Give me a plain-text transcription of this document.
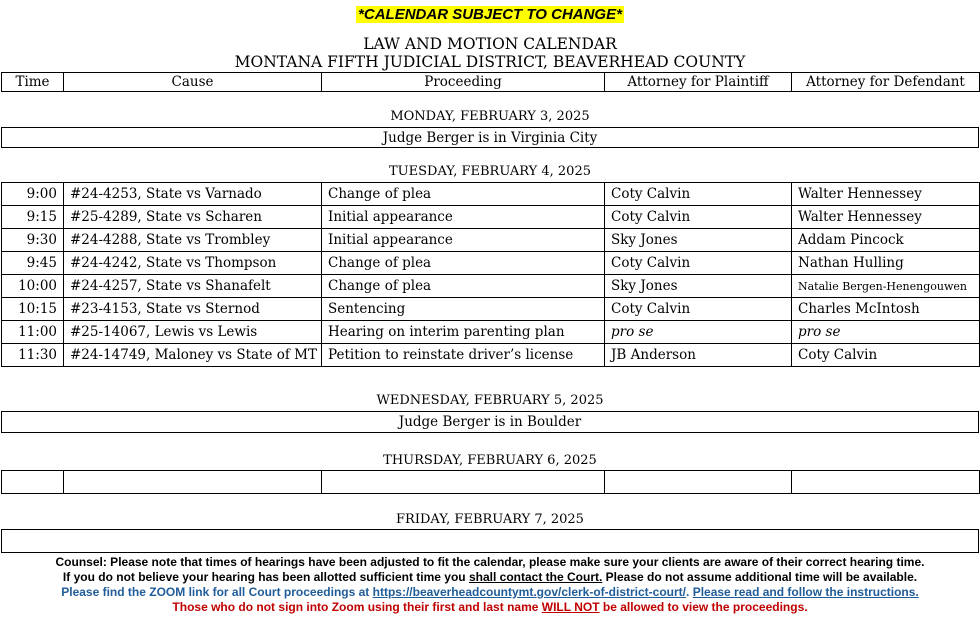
*CALENDAR SUBJECT TO CHANGE*
LAW AND MOTION CALENDAR
MONTANA FIFTH JUDICIAL DISTRICT, BEAVERHEAD COUNTY
Time	Cause	Proceeding	Attorney for Plaintiff	Attorney for Defendant
MONDAY, FEBRUARY 3, 2025
Judge Berger is in Virginia City
TUESDAY, FEBRUARY 4, 2025
9:00	#24-4253, State vs Varnado	Change of plea	Coty Calvin	Walter Hennessey
9:15	#25-4289, State vs Scharen	Initial appearance	Coty Calvin	Walter Hennessey
9:30	#24-4288, State vs Trombley	Initial appearance	Sky Jones	Addam Pincock
9:45	#24-4242, State vs Thompson	Change of plea	Coty Calvin	Nathan Hulling
10:00	#24-4257, State vs Shanafelt	Change of plea	Sky Jones	Natalie Bergen-Henengouwen
10:15	#23-4153, State vs Sternod	Sentencing	Coty Calvin	Charles McIntosh
11:00	#25-14067, Lewis vs Lewis	Hearing on interim parenting plan	pro se	pro se
11:30	#24-14749, Maloney vs State of MT	Petition to reinstate driver’s license	JB Anderson	Coty Calvin
WEDNESDAY, FEBRUARY 5, 2025
Judge Berger is in Boulder
THURSDAY, FEBRUARY 6, 2025

FRIDAY, FEBRUARY 7, 2025
Counsel: Please note that times of hearings have been adjusted to fit the calendar, please make sure your clients are aware of their correct hearing time.
If you do not believe your hearing has been allotted sufficient time you shall contact the Court. Please do not assume additional time will be available.
Please find the ZOOM link for all Court proceedings at https://beaverheadcountymt.gov/clerk-of-district-court/. Please read and follow the instructions.
Those who do not sign into Zoom using their first and last name WILL NOT be allowed to view the proceedings.
